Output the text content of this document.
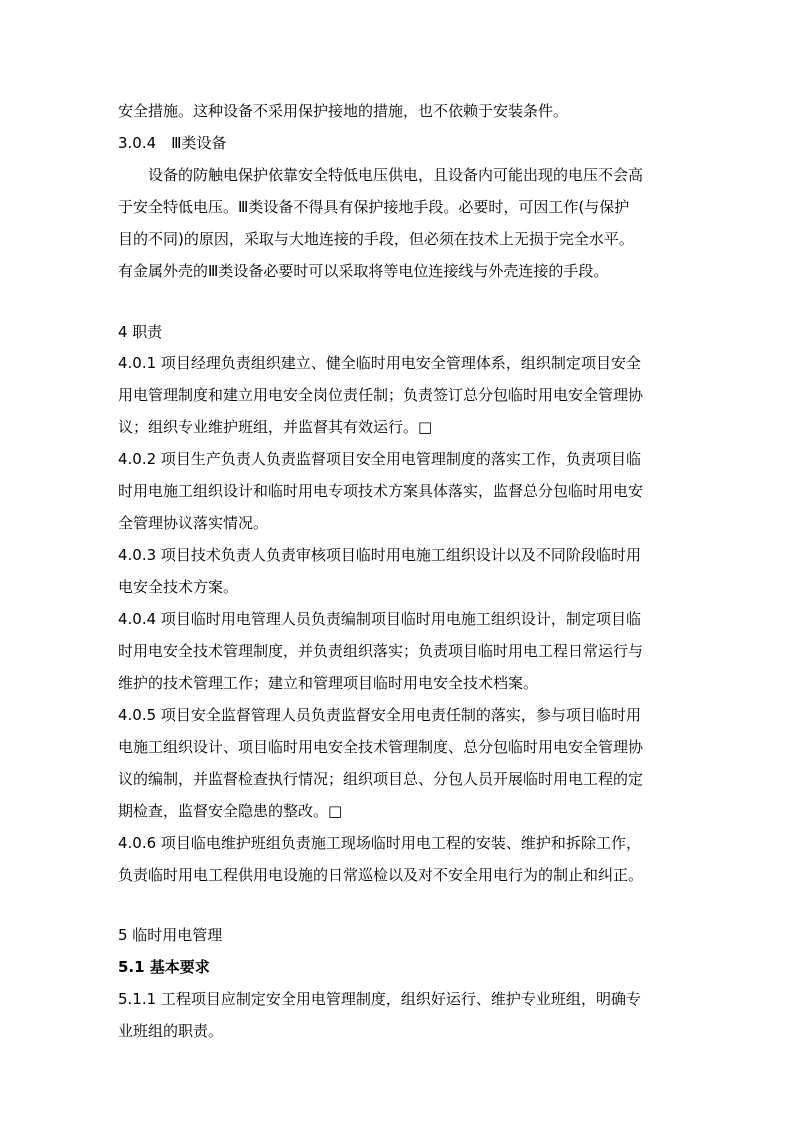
安全措施。这种设备不采用保护接地的措施，也不依赖于安装条件。
3.0.4　Ⅲ类设备
设备的防触电保护依靠安全特低电压供电，且设备内可能出现的电压不会高
于安全特低电压。Ⅲ类设备不得具有保护接地手段。必要时，可因工作(与保护
目的不同)的原因，采取与大地连接的手段，但必须在技术上无损于完全水平。
有金属外壳的Ⅲ类设备必要时可以采取将等电位连接线与外壳连接的手段。
4 职责
4.0.1 项目经理负责组织建立、健全临时用电安全管理体系，组织制定项目安全
用电管理制度和建立用电安全岗位责任制；负责签订总分包临时用电安全管理协
议；组织专业维护班组，并监督其有效运行。□
4.0.2 项目生产负责人负责监督项目安全用电管理制度的落实工作，负责项目临
时用电施工组织设计和临时用电专项技术方案具体落实，监督总分包临时用电安
全管理协议落实情况。
4.0.3 项目技术负责人负责审核项目临时用电施工组织设计以及不同阶段临时用
电安全技术方案。
4.0.4 项目临时用电管理人员负责编制项目临时用电施工组织设计，制定项目临
时用电安全技术管理制度，并负责组织落实；负责项目临时用电工程日常运行与
维护的技术管理工作；建立和管理项目临时用电安全技术档案。
4.0.5 项目安全监督管理人员负责监督安全用电责任制的落实，参与项目临时用
电施工组织设计、项目临时用电安全技术管理制度、总分包临时用电安全管理协
议的编制，并监督检查执行情况；组织项目总、分包人员开展临时用电工程的定
期检查，监督安全隐患的整改。□
4.0.6 项目临电维护班组负责施工现场临时用电工程的安装、维护和拆除工作，
负责临时用电工程供用电设施的日常巡检以及对不安全用电行为的制止和纠正。
5 临时用电管理
5.1 基本要求
5.1.1 工程项目应制定安全用电管理制度，组织好运行、维护专业班组，明确专
业班组的职责。
